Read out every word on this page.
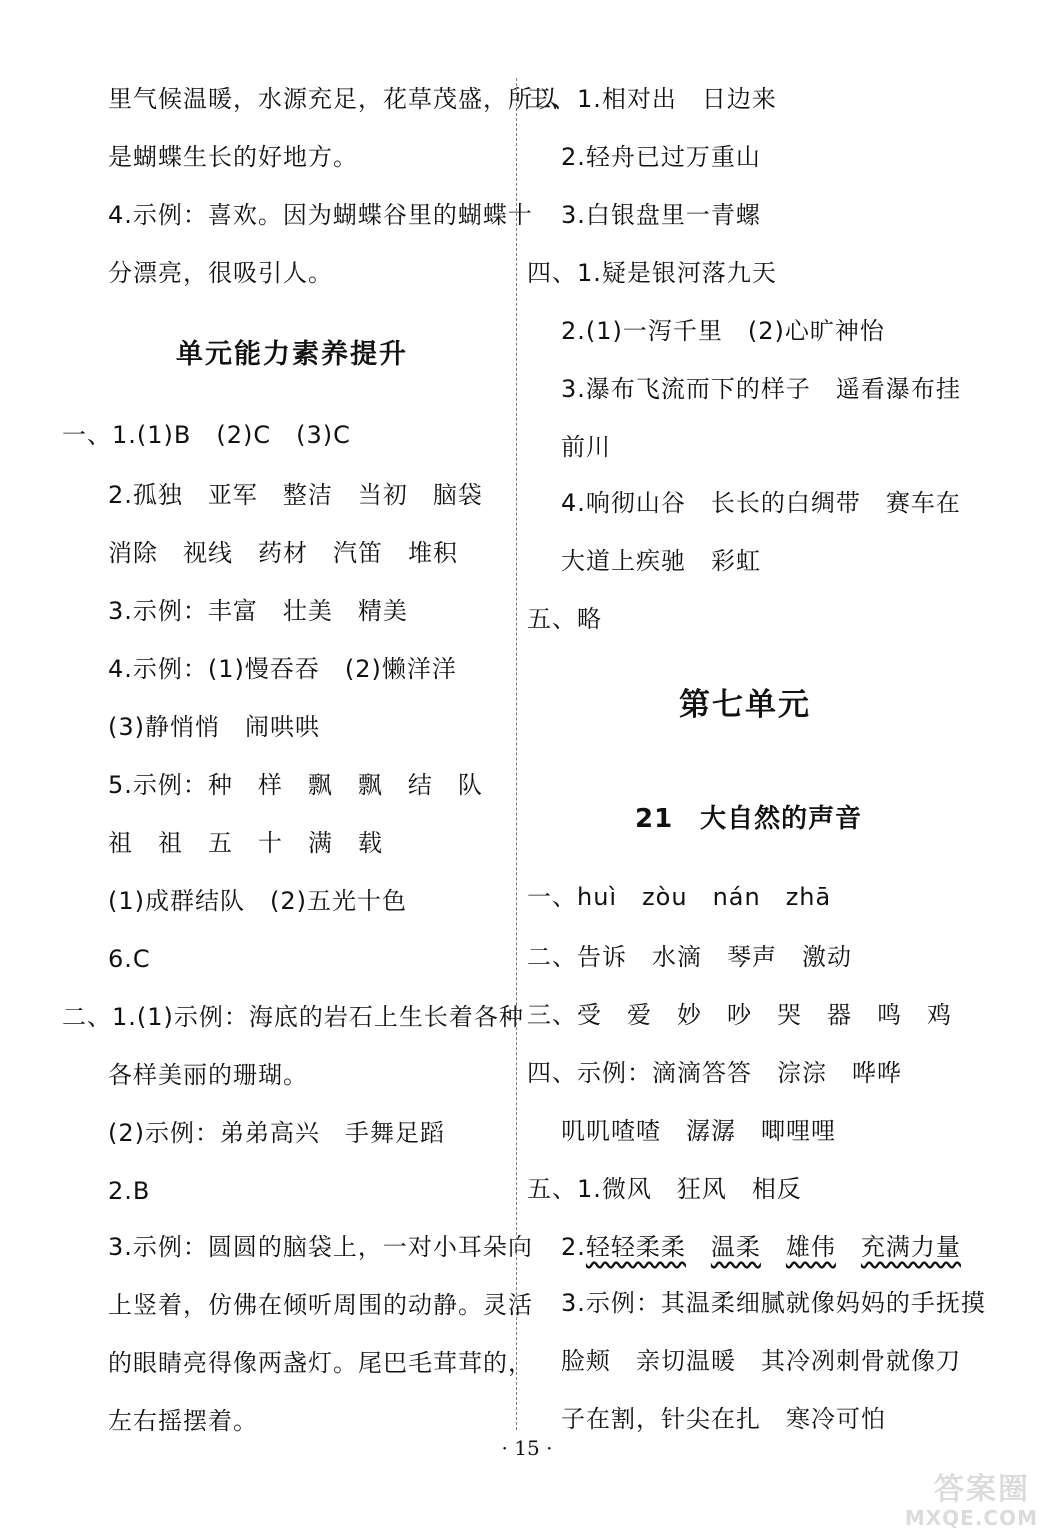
里气候温暖，水源充足，花草茂盛，所以
是蝴蝶生长的好地方。
4.示例：喜欢。因为蝴蝶谷里的蝴蝶十
分漂亮，很吸引人。
单元能力素养提升
一、1.(1)B　(2)C　(3)C
2.孤独　亚军　整洁　当初　脑袋
消除　视线　药材　汽笛　堆积
3.示例：丰富　壮美　精美
4.示例：(1)慢吞吞　(2)懒洋洋
(3)静悄悄　闹哄哄
5.示例：种　样　飘　飘　结　队
祖　祖　五　十　满　载
(1)成群结队　(2)五光十色
6.C
二、1.(1)示例：海底的岩石上生长着各种
各样美丽的珊瑚。
(2)示例：弟弟高兴　手舞足蹈
2.B
3.示例：圆圆的脑袋上，一对小耳朵向
上竖着，仿佛在倾听周围的动静。灵活
的眼睛亮得像两盏灯。尾巴毛茸茸的，
左右摇摆着。
三、1.相对出　日边来
2.轻舟已过万重山
3.白银盘里一青螺
四、1.疑是银河落九天
2.(1)一泻千里　(2)心旷神怡
3.瀑布飞流而下的样子　遥看瀑布挂
前川
4.响彻山谷　长长的白绸带　赛车在
大道上疾驰　彩虹
五、略
第七单元
21　大自然的声音
一、huì　zòu　nán　zhā
二、告诉　水滴　琴声　激动
三、受　爱　妙　吵　哭　器　鸣　鸡
四、示例：滴滴答答　淙淙　哗哗
叽叽喳喳　潺潺　唧哩哩
五、1.微风　狂风　相反
2.轻轻柔柔　 温柔　 雄伟　 充满力量
3.示例：其温柔细腻就像妈妈的手抚摸
脸颊　亲切温暖　其冷冽刺骨就像刀
子在割，针尖在扎　寒冷可怕
· 15 ·
答案圈
MXQE.COM
